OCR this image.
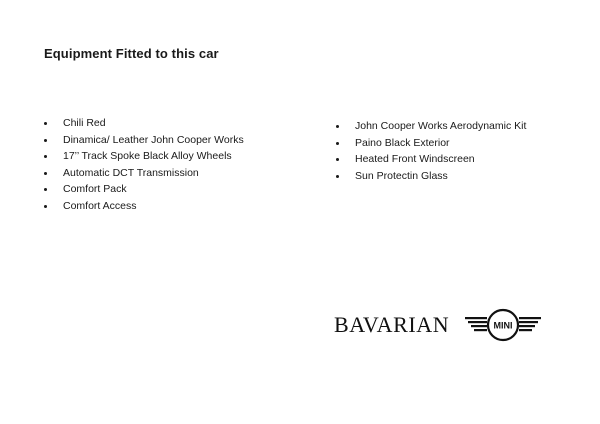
Equipment Fitted to this car
Chili Red
Dinamica/ Leather John Cooper Works
17’’ Track Spoke Black Alloy Wheels
Automatic DCT Transmission
Comfort Pack
Comfort Access
John Cooper Works Aerodynamic Kit
Paino Black Exterior
Heated Front Windscreen
Sun Protectin Glass
BAVARIAN	MINI
